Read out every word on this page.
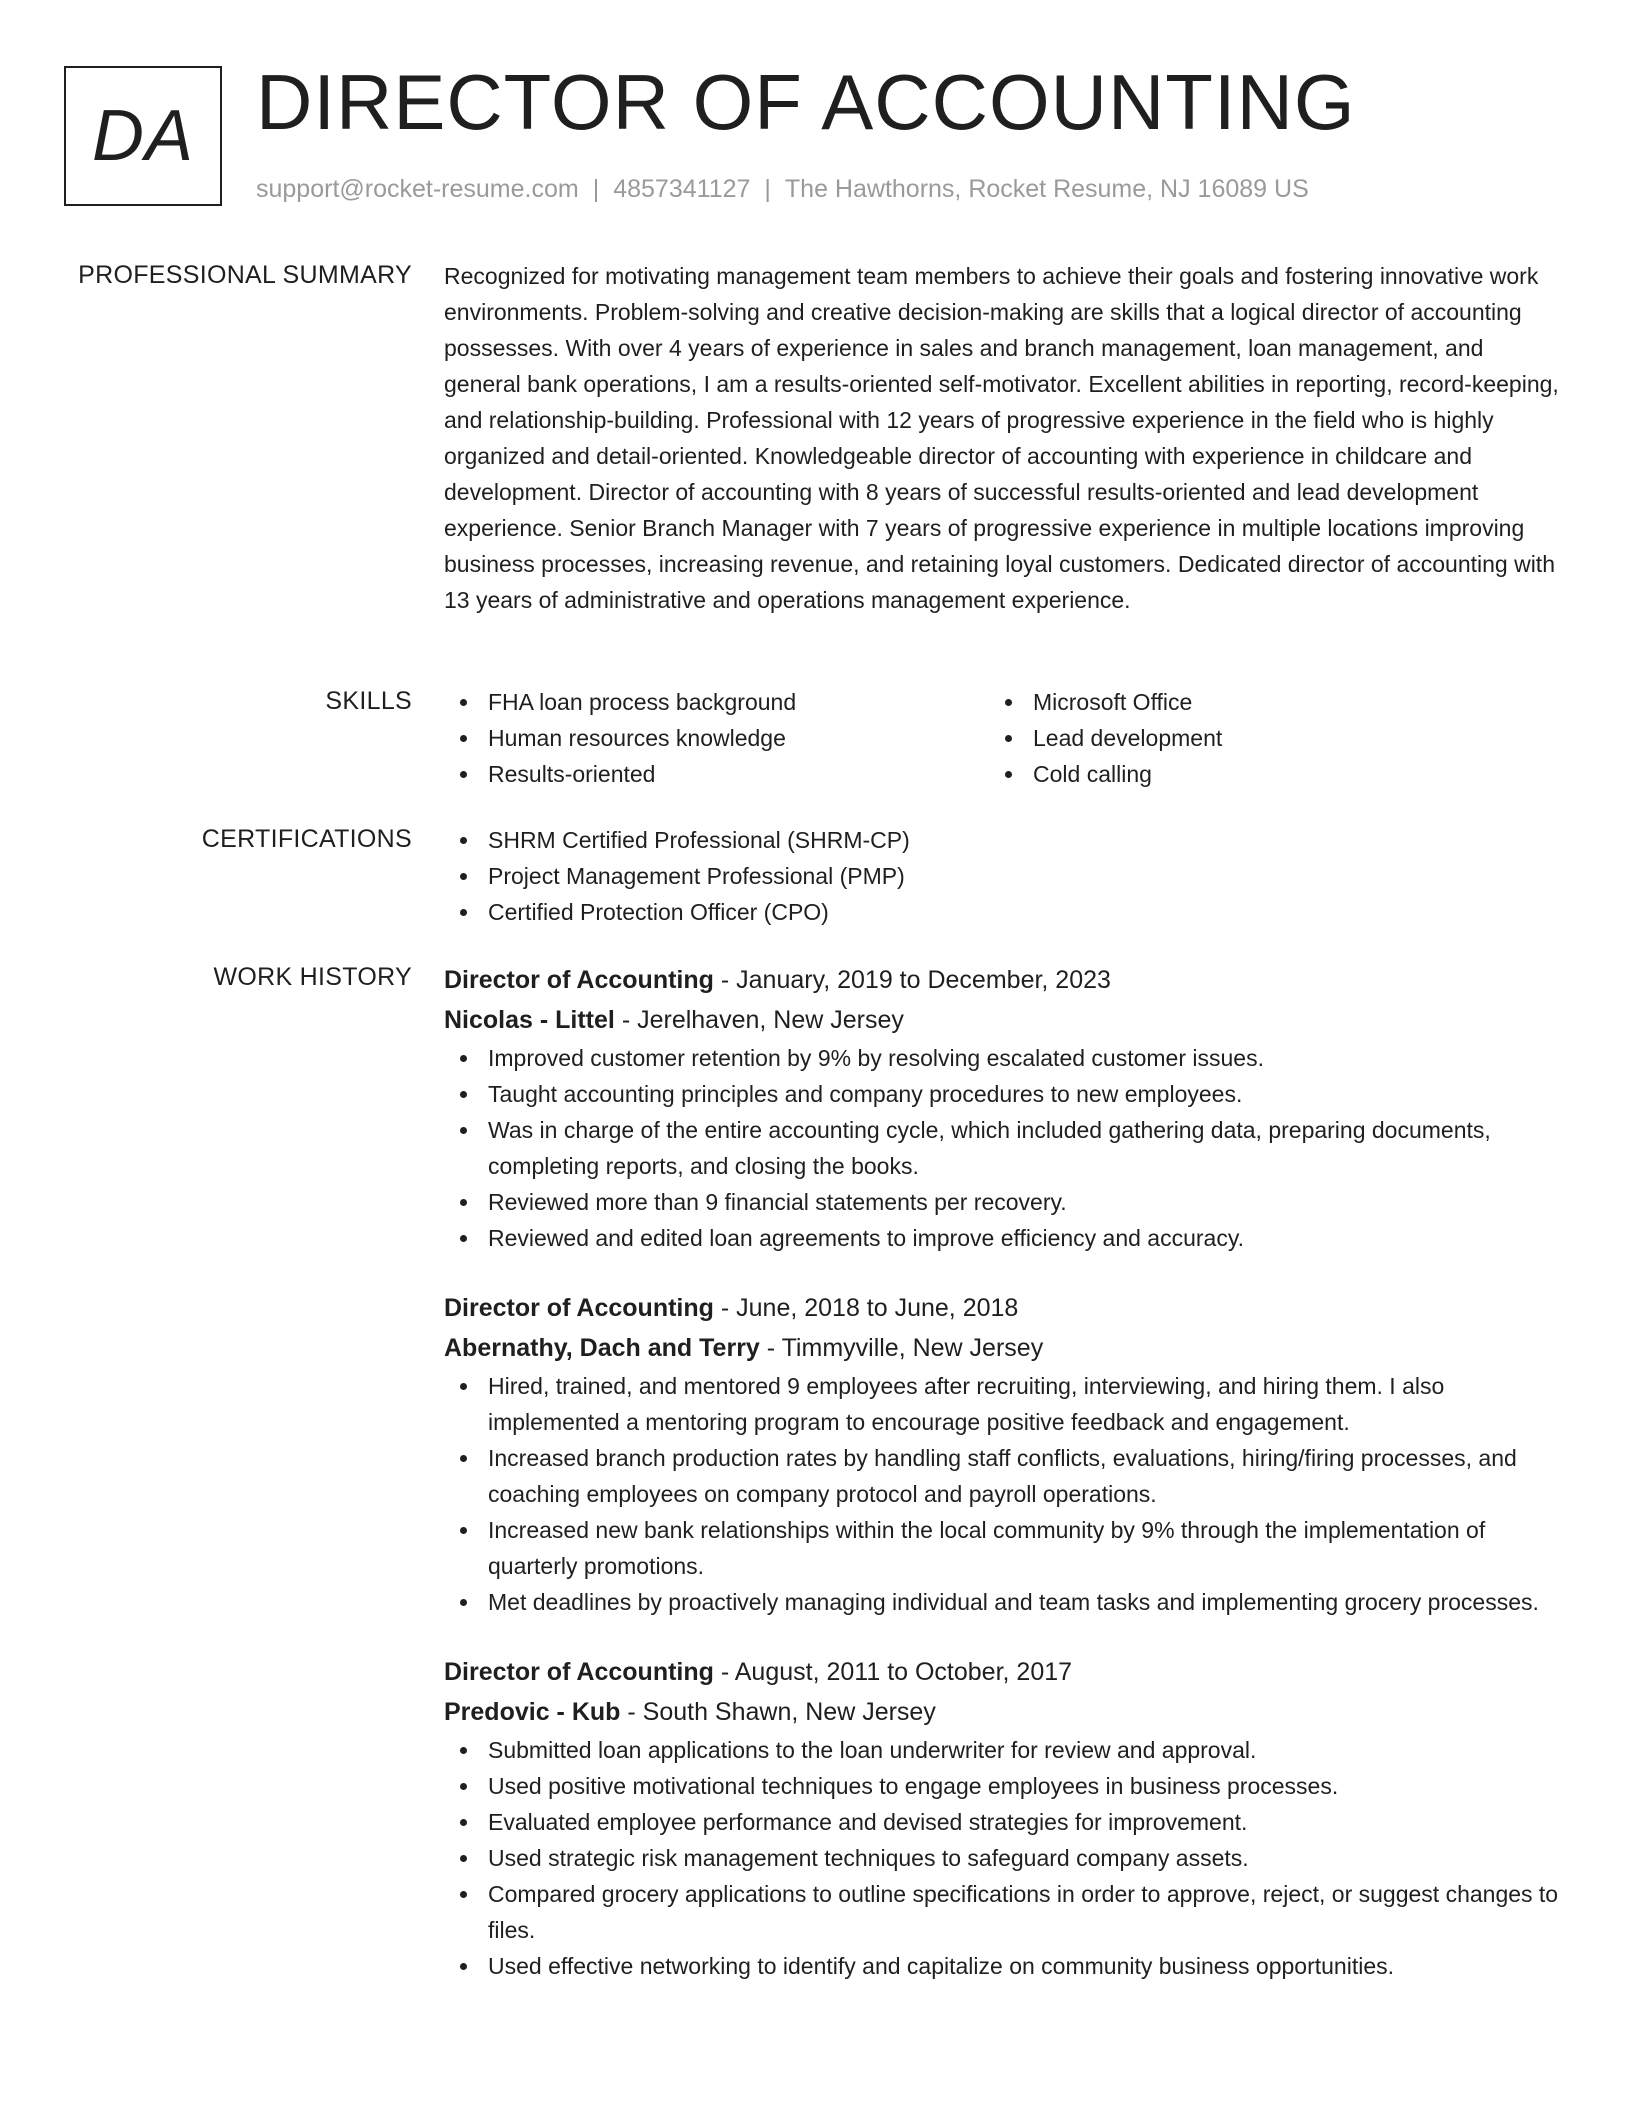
DA DIRECTOR OF ACCOUNTING
support@rocket-resume.com | 4857341127 | The Hawthorns, Rocket Resume, NJ 16089 US
PROFESSIONAL SUMMARY Recognized for motivating management team members to achieve their goals and fostering innovative work environments. Problem-solving and creative decision-making are skills that a logical director of accounting possesses. With over 4 years of experience in sales and branch management, loan management, and general bank operations, I am a results-oriented self-motivator. Excellent abilities in reporting, record-keeping, and relationship-building. Professional with 12 years of progressive experience in the field who is highly organized and detail-oriented. Knowledgeable director of accounting with experience in childcare and development. Director of accounting with 8 years of successful results-oriented and lead development experience. Senior Branch Manager with 7 years of progressive experience in multiple locations improving business processes, increasing revenue, and retaining loyal customers. Dedicated director of accounting with 13 years of administrative and operations management experience.

SKILLS	FHA loan process background
Human resources knowledge
Results-oriented
Microsoft Office
Lead development
Cold calling
CERTIFICATIONS	SHRM Certified Professional (SHRM-CP)
Project Management Professional (PMP)
Certified Protection Officer (CPO)
WORK HISTORY Director of Accounting - January, 2019 to December, 2023
Nicolas - Littel - Jerelhaven, New Jersey
Improved customer retention by 9% by resolving escalated customer issues.
Taught accounting principles and company procedures to new employees.
Was in charge of the entire accounting cycle, which included gathering data, preparing documents, completing reports, and closing the books.
Reviewed more than 9 financial statements per recovery.
Reviewed and edited loan agreements to improve efficiency and accuracy.
Director of Accounting - June, 2018 to June, 2018
Abernathy, Dach and Terry - Timmyville, New Jersey
Hired, trained, and mentored 9 employees after recruiting, interviewing, and hiring them. I also implemented a mentoring program to encourage positive feedback and engagement.
Increased branch production rates by handling staff conflicts, evaluations, hiring/firing processes, and coaching employees on company protocol and payroll operations.
Increased new bank relationships within the local community by 9% through the implementation of quarterly promotions.
Met deadlines by proactively managing individual and team tasks and implementing grocery processes.
Director of Accounting - August, 2011 to October, 2017
Predovic - Kub - South Shawn, New Jersey
Submitted loan applications to the loan underwriter for review and approval.
Used positive motivational techniques to engage employees in business processes.
Evaluated employee performance and devised strategies for improvement.
Used strategic risk management techniques to safeguard company assets.
Compared grocery applications to outline specifications in order to approve, reject, or suggest changes to files.
Used effective networking to identify and capitalize on community business opportunities.
